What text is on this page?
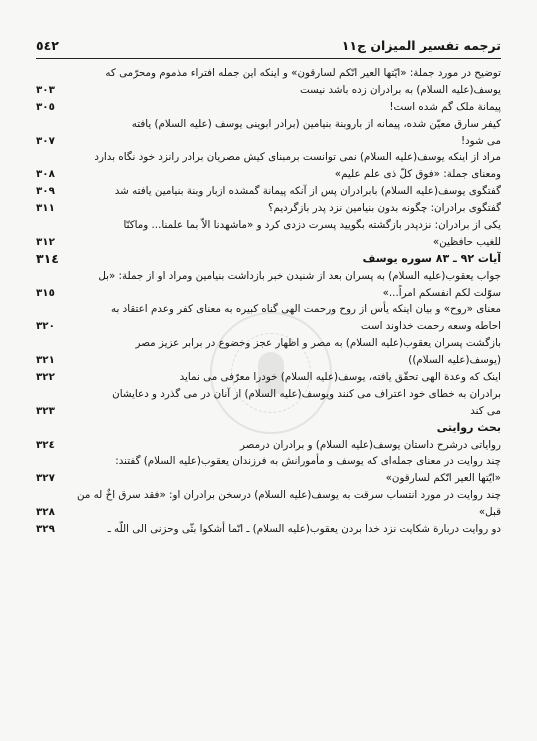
ترجمه تفسير الميزان ج١١
٥٤٢
توضيح در مورد جملة: «ايّتها العير انّكم لسارقون» و اينكه اين جمله افتراء مذموم ومحرّمی كه
يوسف(عليه السلام) به برادران زده باشد نيست
٣٠٣
پيمانة ملک گم شده است!
٣٠٥
كيفر سارق معيّن شده، پيمانه از باروبنة بنيامين (برادر ابوينی يوسف (عليه السلام) يافته
می شود!
٣٠٧
مراد از اينكه يوسف(عليه السلام) نمی توانست برمبنای كيش مصريان برادر رانزد خود نگاه بدارد
ومعنای جملة: «فوق كلّ ذی علم عليم»
٣٠٨
گفتگوی يوسف(عليه السلام) بابرادران پس از آنكه پيمانة گمشده ازبار وبنة بنيامين يافته شد
٣٠٩
گفتگوی برادران: چگونه بدون بنيامين نزد پدر بازگرديم؟
٣١١
يكی از برادران: نزدپدر بازگشته بگوييد پسرت دزدی كرد و «ماشهدنا الاّ بما علمنا... وماكنّا
للغيب حافظين»
٣١٢
آيات ٩٢ ـ ٨٣ سوره يوسف
٣١٤
جواب يعقوب(عليه السلام) به پسران بعد از شنيدن خبر بازداشت بنيامين ومراد او از جملة: «بل
سوّلت لكم انفسكم امراً...»
٣١٥
معنای «روح» و بيان اينكه يأس از روح ورحمت الهی گناه كبيره به معنای كفر وعدم اعتقاد به
احاطه وسعه رحمت خداوند است
٣٢٠
بازگشت پسران يعقوب(عليه السلام) به مصر و اظهار عجز وخضوع در برابر عزيز مصر
(يوسف(عليه السلام))
٣٢١
اينک كه وعدة الهی تحقّق يافته، يوسف(عليه السلام) خودرا معرّفی می نمايد
٣٢٢
برادران به خطای خود اعتراف می كنند ويوسف(عليه السلام) از آنان در می گذرد و دعايشان
می كند
٣٢٣
بحث روايتی
رواياتی درشرح داستان يوسف(عليه السلام) و برادران درمصر
٣٢٤
چند روايت در معنای جمله‌ای كه يوسف و مأمورانش به فرزندان يعقوب(عليه السلام) گفتند:
«ايّتها العير انّكم لسارقون»
٣٢٧
چند روايت در مورد انتساب سرقت به يوسف(عليه السلام) درسخن برادران او: «فقد سرق اخٌ له من
قبل»
٣٢٨
دو روايت دربارة شكايت نزد خدا بردن يعقوب(عليه السلام) ـ انّما أشكوا بثّی وحزنی الی اللّه ـ
٣٢٩
